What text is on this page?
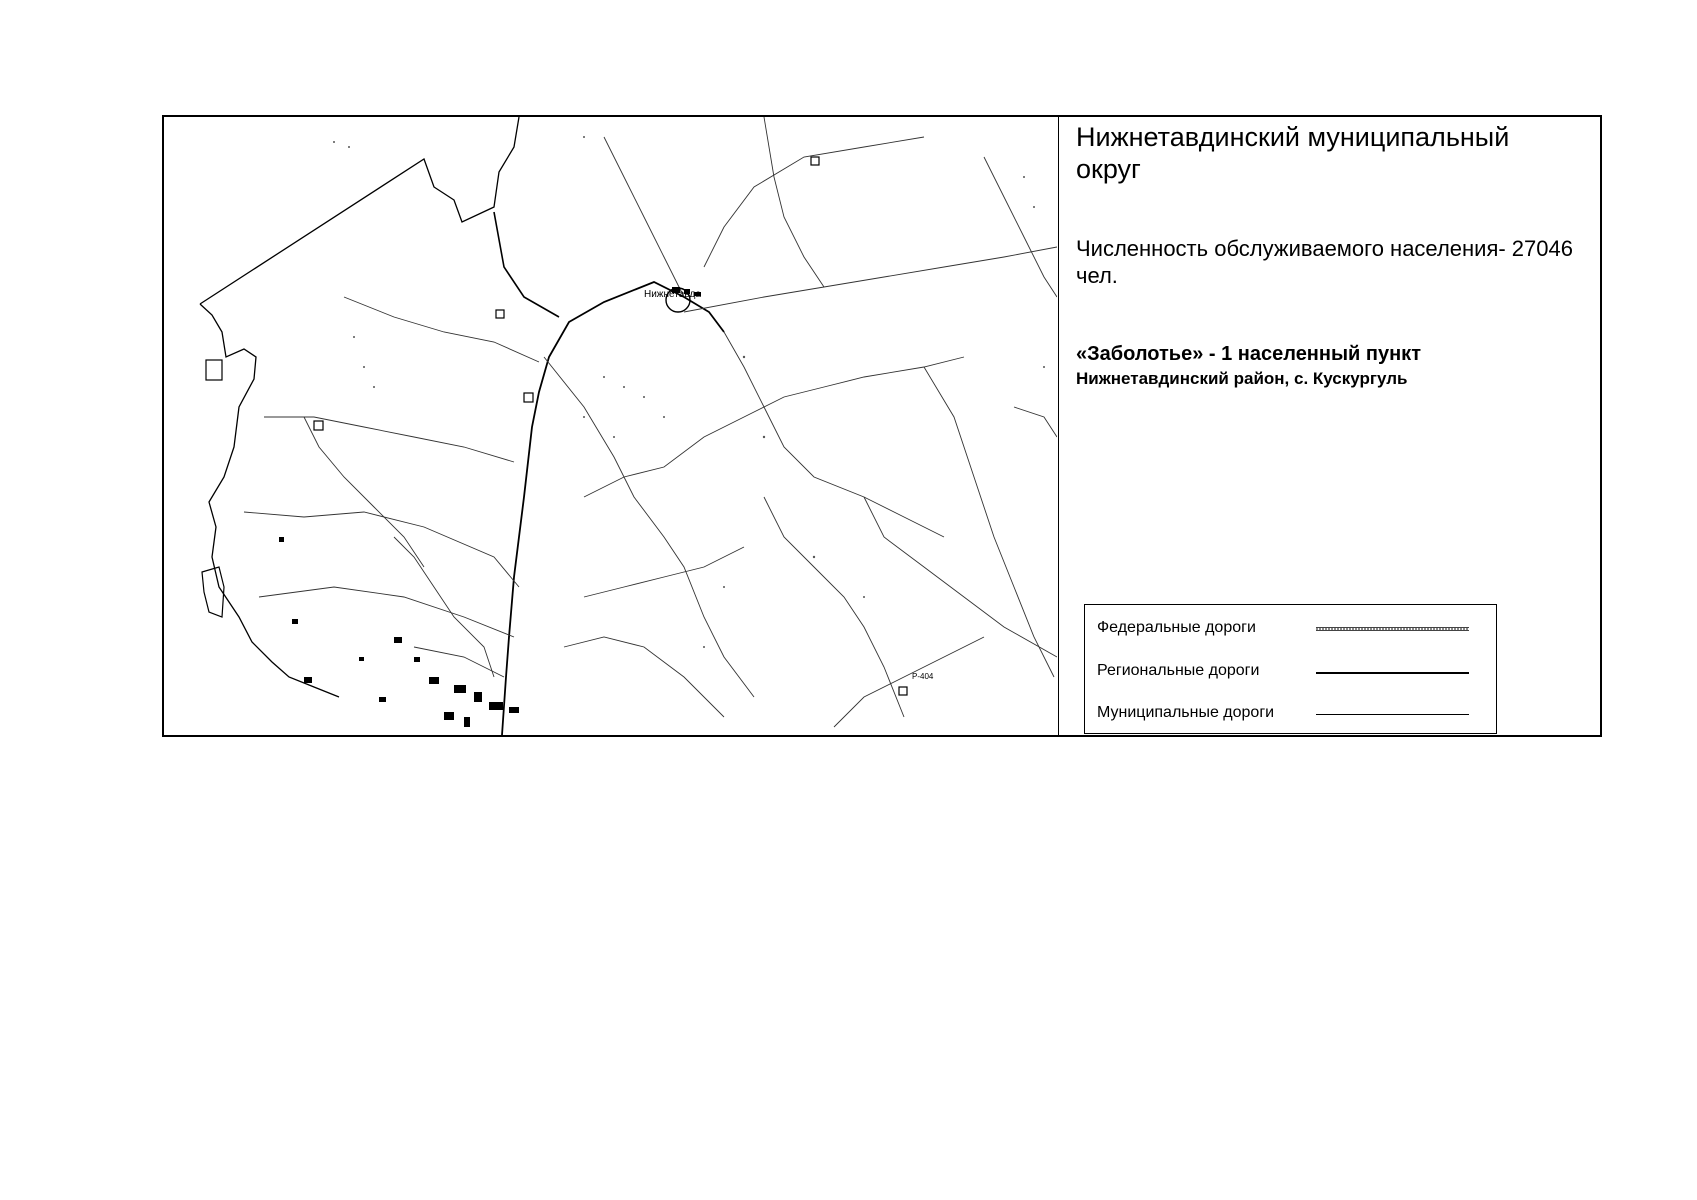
Нижнетавда
Р-404
Нижнетавдинский муниципальный округ
Численность обслуживаемого населения- 27046 чел.
«Заболотье» - 1 населенный пункт
Нижнетавдинский район, с. Кускургуль
Федеральные дороги
Региональные дороги
Муниципальные дороги
